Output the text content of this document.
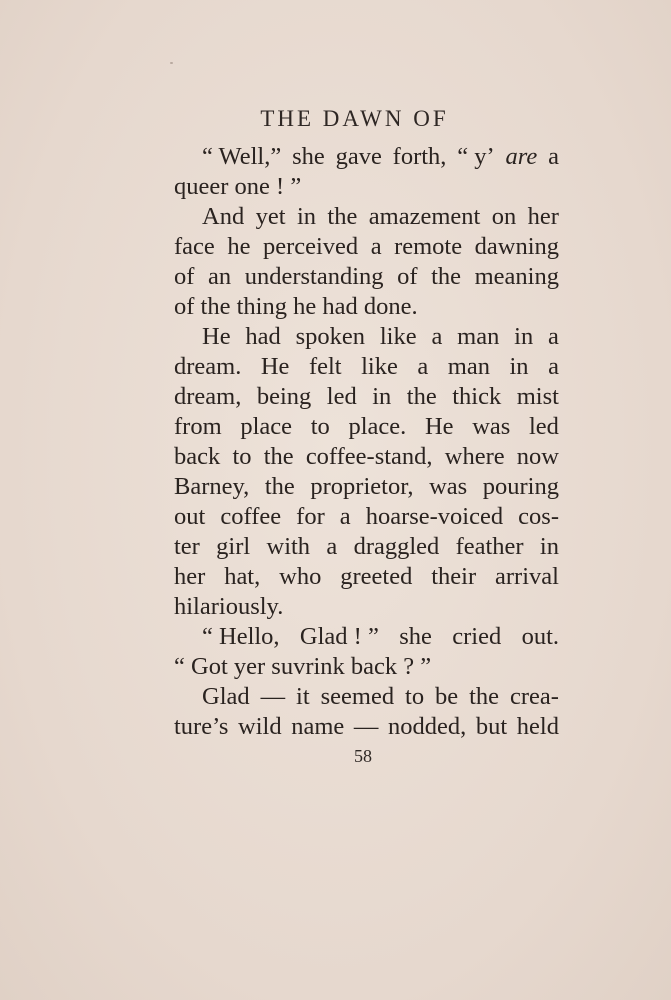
THE DAWN OF
“ Well,” she gave forth, “ y’ are a
queer one ! ”
And yet in the amazement on her
face he perceived a remote dawning
of an understanding of the meaning
of the thing he had done.
He had spoken like a man in a
dream. He felt like a man in a
dream, being led in the thick mist
from place to place. He was led
back to the coffee-stand, where now
Barney, the proprietor, was pouring
out coffee for a hoarse-voiced cos-
ter girl with a draggled feather in
her hat, who greeted their arrival
hilariously.
“ Hello, Glad ! ” she cried out.
“ Got yer suvrink back ? ”
Glad — it seemed to be the crea-
ture’s wild name — nodded, but held
58
